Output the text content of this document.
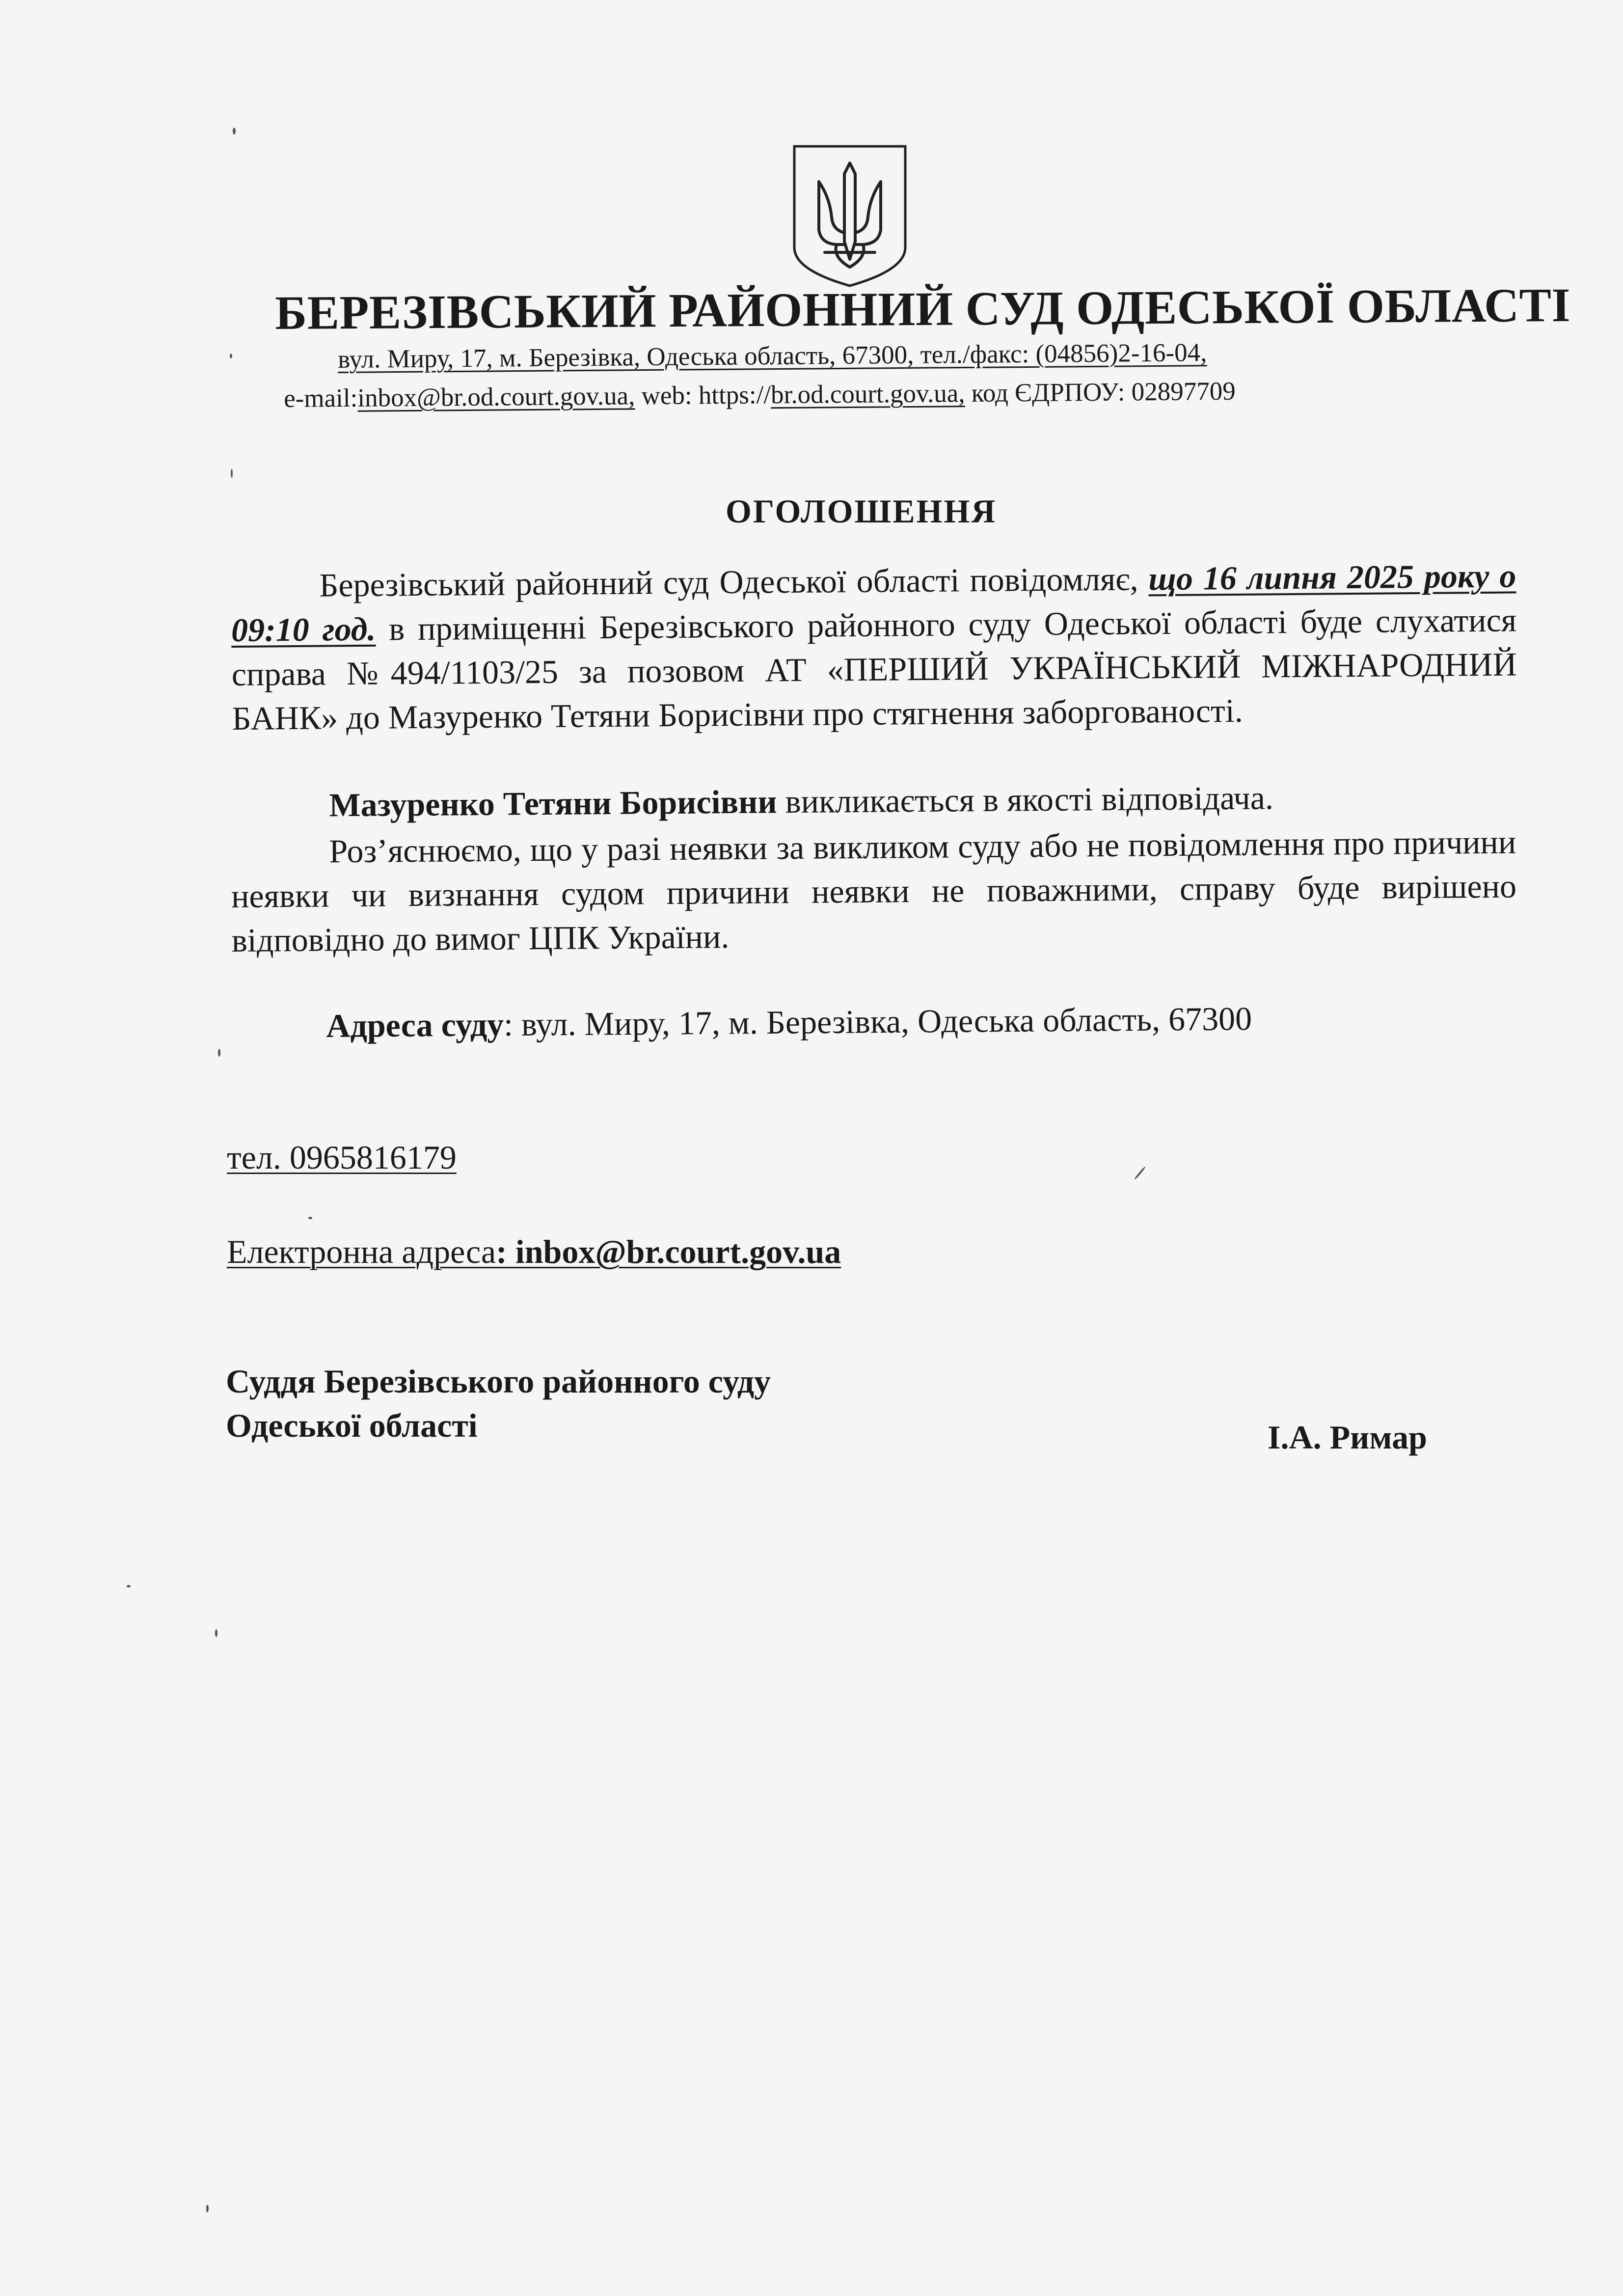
БЕРЕЗІВСЬКИЙ РАЙОННИЙ СУД ОДЕСЬКОЇ ОБЛАСТІ
вул. Миру, 17, м. Березівка, Одеська область, 67300, тел./факс: (04856)2-16-04,
e-mail:inbox@br.od.court.gov.ua, web: https://br.od.court.gov.ua, код ЄДРПОУ: 02897709
ОГОЛОШЕННЯ
Березівський районний суд Одеської області повідомляє, що 16 липня 2025 року о 09:10 год. в приміщенні Березівського районного суду Одеської області буде слухатися справа №494/1103/25 за позовом АТ «ПЕРШИЙ УКРАЇНСЬКИЙ МІЖНАРОДНИЙ БАНК» до Мазуренко Тетяни Борисівни про стягнення заборгованості.
Мазуренко Тетяни Борисівни викликається в якості відповідача.
Роз’яснюємо, що у разі неявки за викликом суду або не повідомлення про причини неявки чи визнання судом причини неявки не поважними, справу буде вирішено відповідно до вимог ЦПК України.
Адреса суду: вул. Миру, 17, м. Березівка, Одеська область, 67300
тел. 0965816179
Електронна адреса: inbox@br.court.gov.ua
Суддя Березівського районного суду
Одеської області	І.А. Римар
